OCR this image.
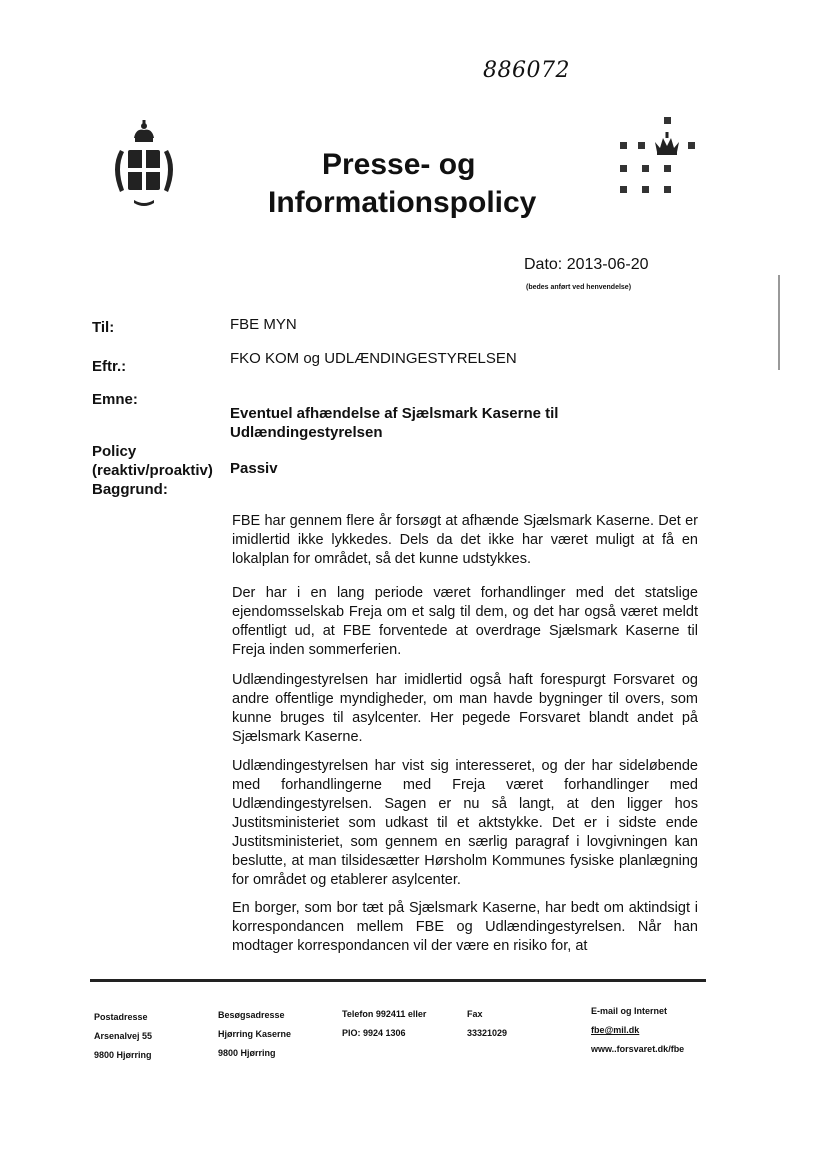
886072
Presse- og
Informationspolicy
Dato: 2013-06-20
(bedes anført ved henvendelse)
Til:	FBE MYN
Eftr.:	FKO KOM og UDLÆNDINGESTYRELSEN
Emne:
Eventuel afhændelse af Sjælsmark Kaserne til
Udlændingestyrelsen
Policy
(reaktiv/proaktiv)
Baggrund:
Passiv
FBE har gennem flere år forsøgt at afhænde Sjælsmark Kaserne. Det er imidlertid ikke lykkedes. Dels da det ikke har været muligt at få en lokalplan for området, så det kunne udstykkes.
Der har i en lang periode været forhandlinger med det statslige ejendomsselskab Freja om et salg til dem, og det har også været meldt offentligt ud, at FBE forventede at overdrage Sjælsmark Kaserne til Freja inden sommerferien.
Udlændingestyrelsen har imidlertid også haft forespurgt Forsvaret og andre offentlige myndigheder, om man havde bygninger til overs, som kunne bruges til asylcenter. Her pegede Forsvaret blandt andet på Sjælsmark Kaserne.
Udlændingestyrelsen har vist sig interesseret, og der har sideløbende med forhandlingerne med Freja været forhandlinger med Udlændingestyrelsen. Sagen er nu så langt, at den ligger hos Justitsministeriet som udkast til et aktstykke. Det er i sidste ende Justitsministeriet, som gennem en særlig paragraf i lovgivningen kan beslutte, at man tilsidesætter Hørsholm Kommunes fysiske planlægning for området og etablerer asylcenter.
En borger, som bor tæt på Sjælsmark Kaserne, har bedt om aktindsigt i korrespondancen mellem FBE og Udlændingestyrelsen. Når han modtager korrespondancen vil der være en risiko for, at
Postadresse
Arsenalvej 55
9800 Hjørring
Besøgsadresse
Hjørring Kaserne
9800 Hjørring
Telefon 992411 eller
PIO: 9924 1306
Fax
33321029
E-mail og Internet
fbe@mil.dk
www..forsvaret.dk/fbe
